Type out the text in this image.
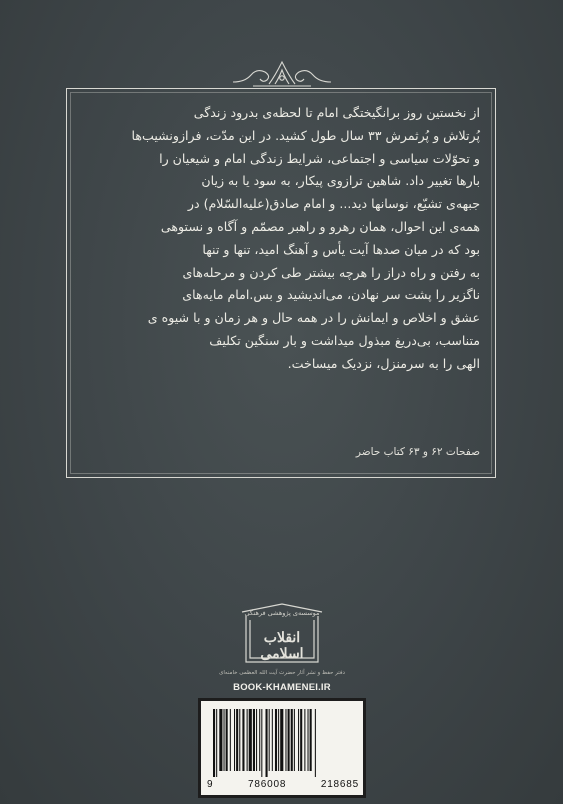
از نخستین روز برانگیختگی امام تا لحظه‌ی بدرود زندگی
پُرتلاش و پُرثمرش ۳۳ سال طول کشید. در این مدّت، فرازونشیب‌ها
و تحوّلات سیاسی و اجتماعی، شرایط زندگی امام و شیعیان را
بارها تغییر داد. شاهین ترازوی پیکار، به سود یا به زیان
جبهه‌ی تشیّع، نوسانها دید... و امام صادق(علیه‌السّلام) در
همه‌ی این احوال، همان رهرو و راهبر مصمّم و آگاه و نستوهی
بود که در میان صدها آیت یأس و آهنگ امید، تنها و تنها
به رفتن و راه دراز را هرچه بیشتر طی کردن و مرحله‌های
ناگزیر را پشت سر نهادن، می‌اندیشید و بس.امام مایه‌های
عشق و اخلاص و ایمانش را در همه حال و هر زمان و با شیوه ی
متناسب، بی‌دریغ مبذول میداشت و بار سنگین تکلیف
الهی را به سرمنزل، نزدیک میساخت.
صفحات ۶۲ و ۶۳ کتاب حاضر
موسسه‌ی پژوهشی فرهنگی
انقلاب اسلامی
دفتر حفظ و نشر آثار حضرت آیت الله العظمی خامنه‌ای
BOOK-KHAMENEI.IR
9	786008	218685
